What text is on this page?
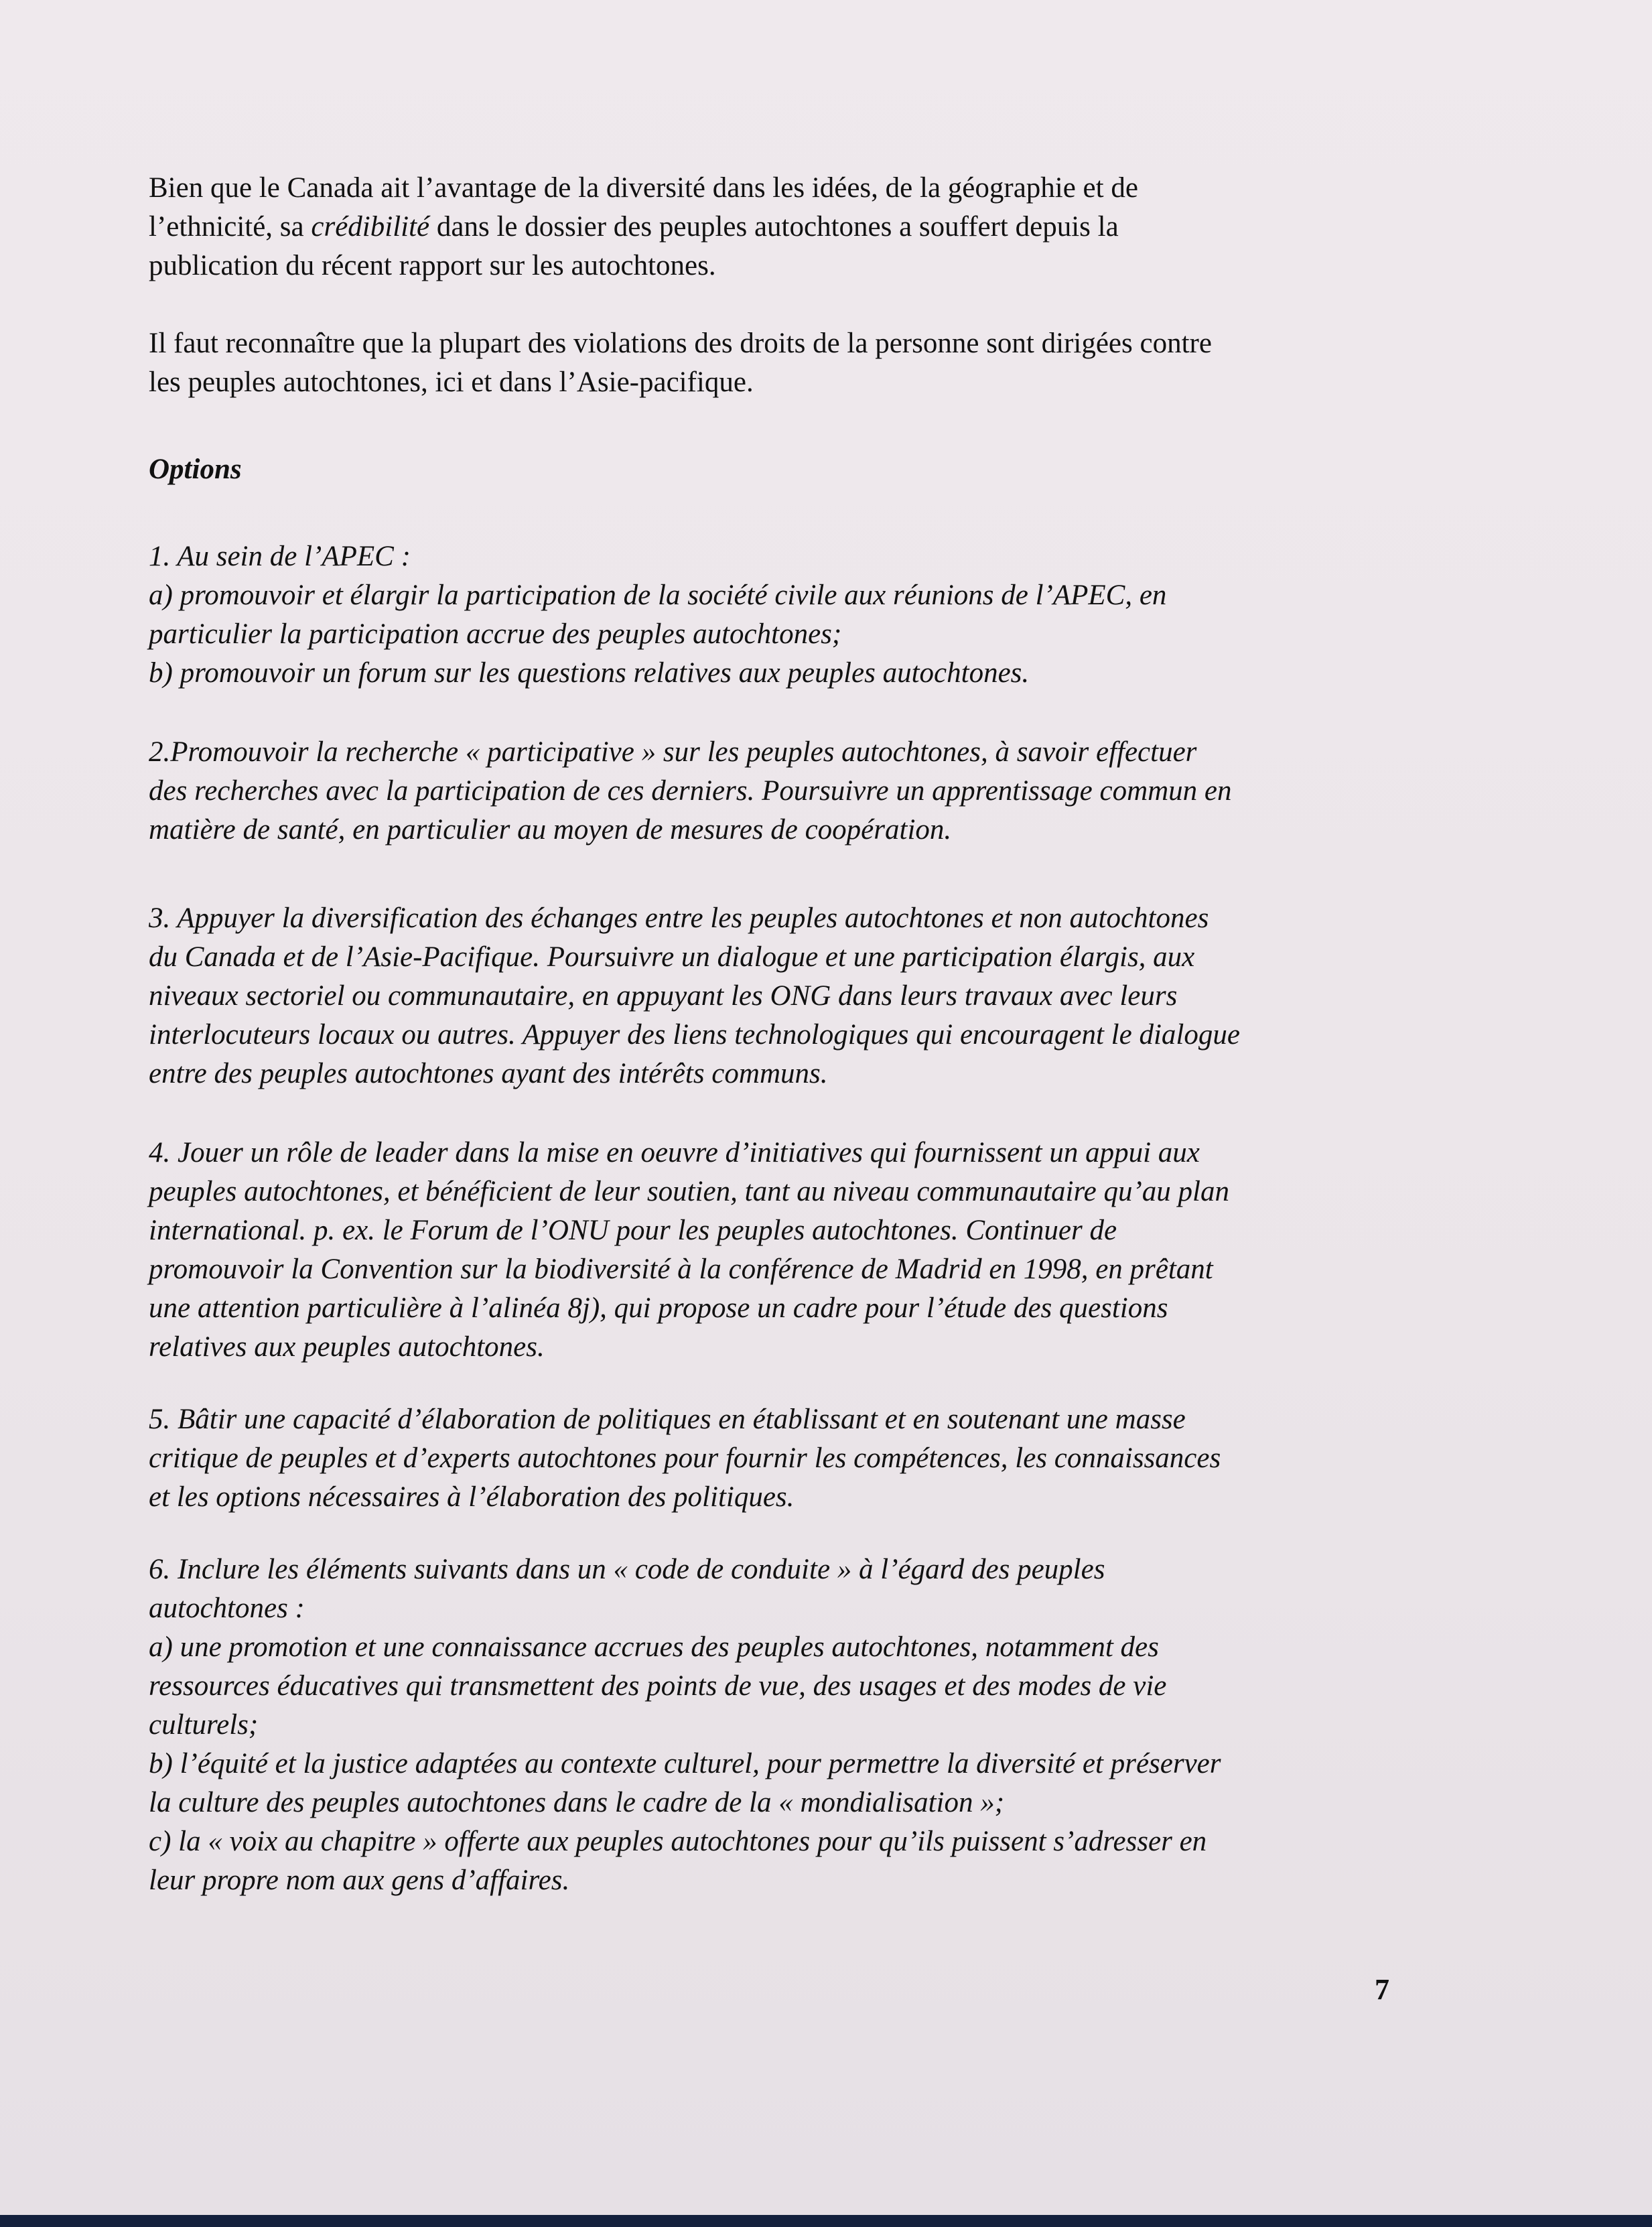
Bien que le Canada ait l’avantage de la diversité dans les idées, de la géographie et de
l’ethnicité, sa crédibilité dans le dossier des peuples autochtones a souffert depuis la
publication du récent rapport sur les autochtones.

Il faut reconnaître que la plupart des violations des droits de la personne sont dirigées contre
les peuples autochtones, ici et dans l’Asie-pacifique.

Options

1. Au sein de l’APEC :
a) promouvoir et élargir la participation de la société civile aux réunions de l’APEC, en
particulier la participation accrue des peuples autochtones;
b) promouvoir un forum sur les questions relatives aux peuples autochtones.

2.Promouvoir la recherche « participative » sur les peuples autochtones, à savoir effectuer
des recherches avec la participation de ces derniers. Poursuivre un apprentissage commun en
matière de santé, en particulier au moyen de mesures de coopération.

3. Appuyer la diversification des échanges entre les peuples autochtones et non autochtones
du Canada et de l’Asie-Pacifique. Poursuivre un dialogue et une participation élargis, aux
niveaux sectoriel ou communautaire, en appuyant les ONG dans leurs travaux avec leurs
interlocuteurs locaux ou autres. Appuyer des liens technologiques qui encouragent le dialogue
entre des peuples autochtones ayant des intérêts communs.

4. Jouer un rôle de leader dans la mise en oeuvre d’initiatives qui fournissent un appui aux
peuples autochtones, et bénéficient de leur soutien, tant au niveau communautaire qu’au plan
international. p. ex. le Forum de l’ONU pour les peuples autochtones. Continuer de
promouvoir la Convention sur la biodiversité à la conférence de Madrid en 1998, en prêtant
une attention particulière à l’alinéa 8j), qui propose un cadre pour l’étude des questions
relatives aux peuples autochtones.

5. Bâtir une capacité d’élaboration de politiques en établissant et en soutenant une masse
critique de peuples et d’experts autochtones pour fournir les compétences, les connaissances
et les options nécessaires à l’élaboration des politiques.

6. Inclure les éléments suivants dans un « code de conduite » à l’égard des peuples
autochtones :
a) une promotion et une connaissance accrues des peuples autochtones, notamment des
ressources éducatives qui transmettent des points de vue, des usages et des modes de vie
culturels;
b) l’équité et la justice adaptées au contexte culturel, pour permettre la diversité et préserver
la culture des peuples autochtones dans le cadre de la « mondialisation »;
c) la « voix au chapitre » offerte aux peuples autochtones pour qu’ils puissent s’adresser en
leur propre nom aux gens d’affaires.

7
